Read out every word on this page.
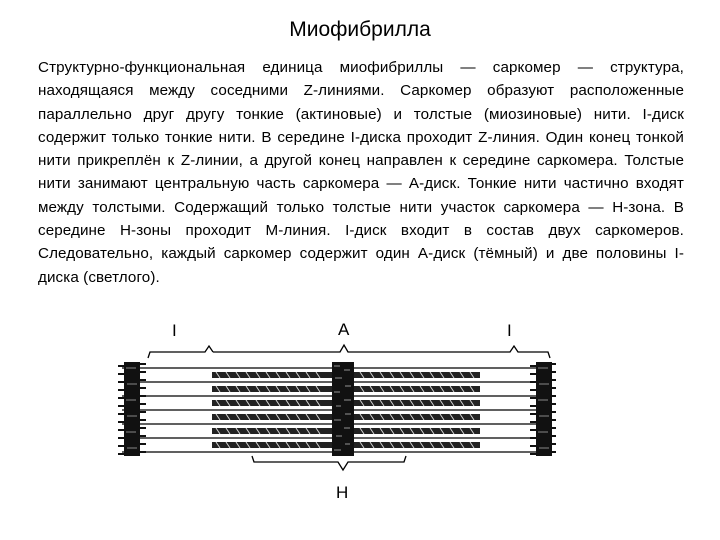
Миофибрилла
Структурно-функциональная единица миофибриллы — саркомер — структура, находящаяся между соседними Z-линиями. Саркомер образуют расположенные параллельно друг другу тонкие (актиновые) и толстые (миозиновые) нити. I-диск содержит только тонкие нити. В середине I-диска проходит Z-линия. Один конец тонкой нити прикреплён к Z-линии, а другой конец направлен к середине саркомера. Толстые нити занимают центральную часть саркомера — А-диск. Тонкие нити частично входят между толстыми. Содержащий только толстые нити участок саркомера — Н-зона. В середине Н-зоны проходит М-линия. I-диск входит в состав двух саркомеров. Следовательно, каждый саркомер содержит один А-диск (тёмный) и две половины I-диска (светлого).
I	A	I
H
